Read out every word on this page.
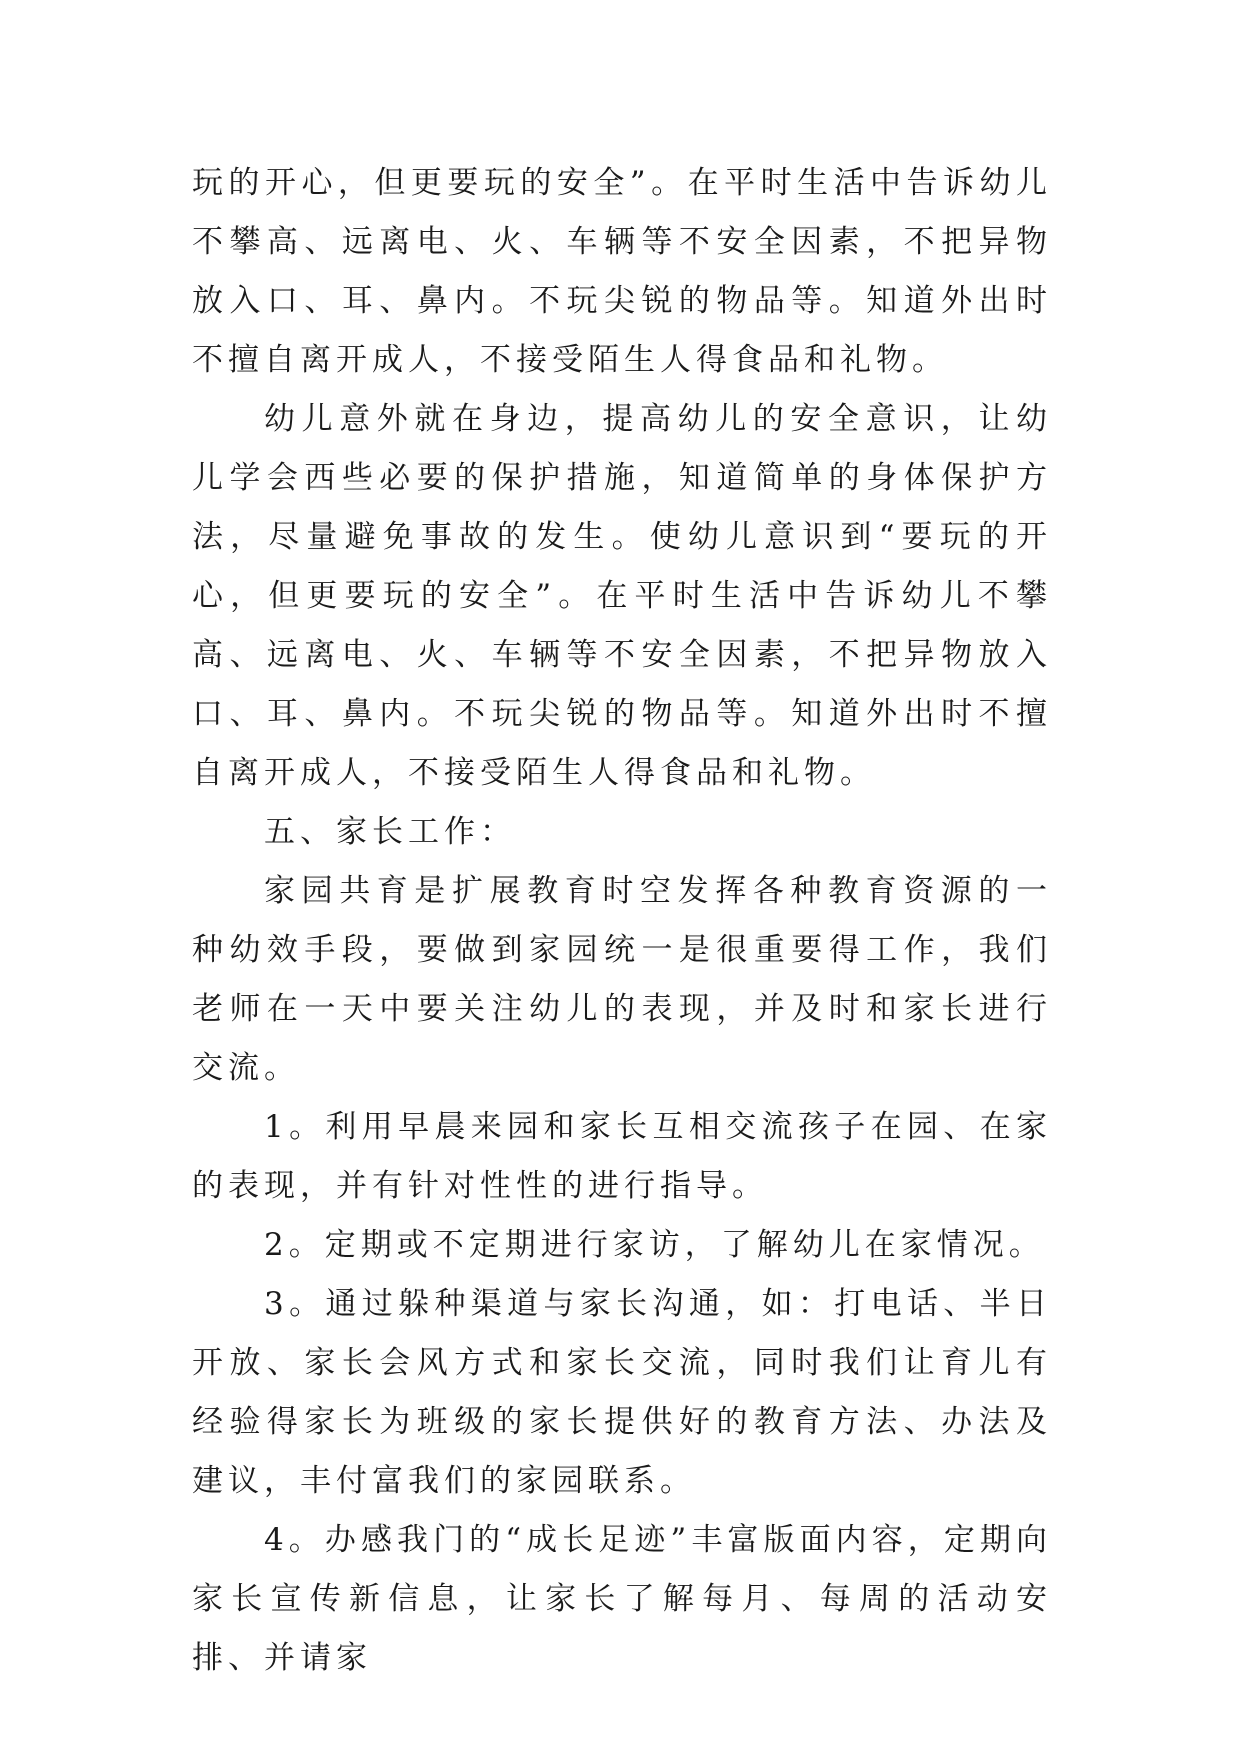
玩的开心，但更要玩的安全”。在平时生活中告诉幼儿不攀高、远离电、火、车辆等不安全因素，不把异物放入口、耳、鼻内。不玩尖锐的物品等。知道外出时不擅自离开成人，不接受陌生人得食品和礼物。

幼儿意外就在身边，提高幼儿的安全意识，让幼儿学会西些必要的保护措施，知道简单的身体保护方法，尽量避免事故的发生。使幼儿意识到“要玩的开心，但更要玩的安全”。在平时生活中告诉幼儿不攀高、远离电、火、车辆等不安全因素，不把异物放入口、耳、鼻内。不玩尖锐的物品等。知道外出时不擅自离开成人，不接受陌生人得食品和礼物。

五、家长工作：

家园共育是扩展教育时空发挥各种教育资源的一种幼效手段，要做到家园统一是很重要得工作，我们老师在一天中要关注幼儿的表现，并及时和家长进行交流。

1。利用早晨来园和家长互相交流孩子在园、在家的表现，并有针对性性的进行指导。

2。定期或不定期进行家访，了解幼儿在家情况。

3。通过躲种渠道与家长沟通，如：打电话、半日开放、家长会风方式和家长交流，同时我们让育儿有经验得家长为班级的家长提供好的教育方法、办法及建议，丰付富我们的家园联系。

4。办感我门的“成长足迹”丰富版面内容，定期向家长宣传新信息，让家长了解每月、每周的活动安排、并请家
